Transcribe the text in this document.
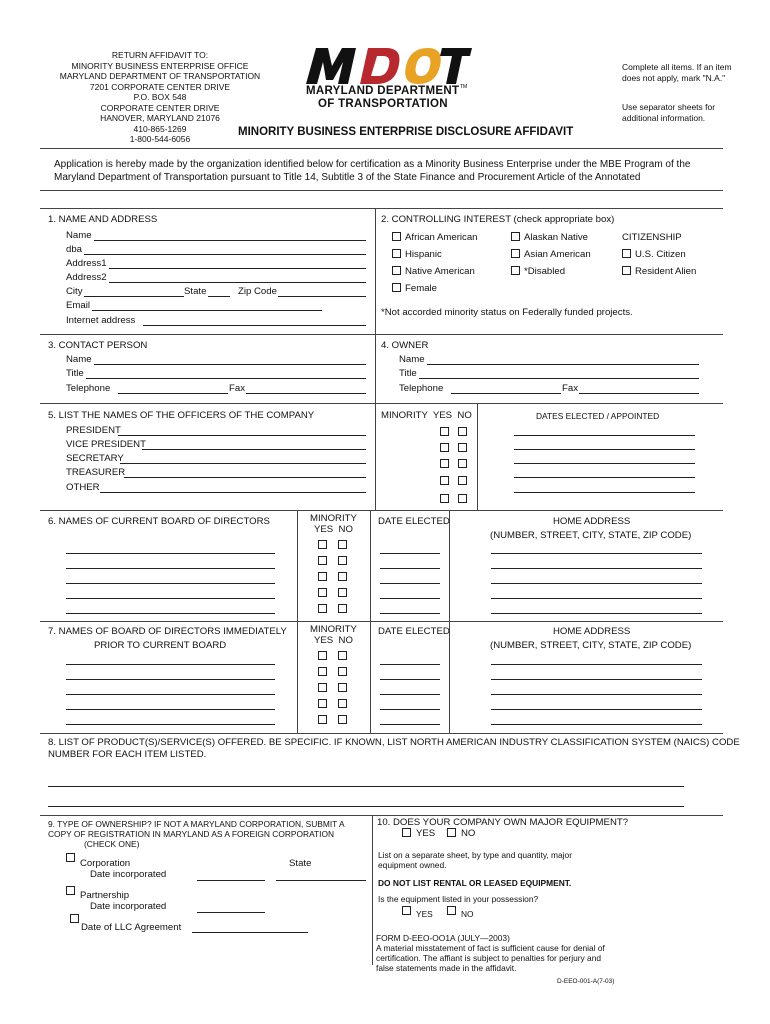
RETURN AFFIDAVIT TO:
MINORITY BUSINESS ENTERPRISE OFFICE
MARYLAND DEPARTMENT OF TRANSPORTATION
7201 CORPORATE CENTER DRIVE
P.O. BOX 548
CORPORATE CENTER DRIVE
HANOVER, MARYLAND 21076
410-865-1269
1-800-544-6056
TM
MARYLAND DEPARTMENT
OF TRANSPORTATION
Complete all items. If an item does not apply, mark "N.A."
Use separator sheets for additional information.
MINORITY BUSINESS ENTERPRISE DISCLOSURE AFFIDAVIT
Application is hereby made by the organization identified below for certification as a Minority Business Enterprise under the MBE Program of the Maryland Department of Transportation pursuant to Title 14, Subtitle 3 of the State Finance and Procurement Article of the Annotated
1. NAME AND ADDRESS
Name
dba
Address1
Address2
City	State	Zip Code
Email
Internet address
2. CONTROLLING INTEREST (check appropriate box)
African American
Hispanic
Native American
Female
Alaskan Native
Asian American
*Disabled
CITIZENSHIP
U.S. Citizen
Resident Alien
*Not accorded minority status on Federally funded projects.
3. CONTACT PERSON
Name
Title
Telephone	Fax
4. OWNER
Name
Title
Telephone	Fax
5. LIST THE NAMES OF THE OFFICERS OF THE COMPANY	MINORITY  YES  NO	DATES ELECTED / APPOINTED
PRESIDENT
VICE PRESIDENT
SECRETARY
TREASURER
OTHER
6. NAMES OF CURRENT BOARD OF DIRECTORS	MINORITY
YES  NO
DATE ELECTED	HOME ADDRESS
(NUMBER, STREET, CITY, STATE, ZIP CODE)
7. NAMES OF BOARD OF DIRECTORS IMMEDIATELY
PRIOR TO CURRENT BOARD
MINORITY
YES  NO
DATE ELECTED	HOME ADDRESS
(NUMBER, STREET, CITY, STATE, ZIP CODE)
8. LIST OF PRODUCT(S)/SERVICE(S) OFFERED. BE SPECIFIC. IF KNOWN, LIST NORTH AMERICAN INDUSTRY CLASSIFICATION SYSTEM (NAICS) CODE
NUMBER FOR EACH ITEM LISTED.
9. TYPE OF OWNERSHIP? IF NOT A MARYLAND CORPORATION, SUBMIT A
COPY OF REGISTRATION IN MARYLAND AS A FOREIGN CORPORATION
(CHECK ONE)
Corporation	State
Date incorporated
Partnership
Date incorporated
Date of LLC Agreement
10. DOES YOUR COMPANY OWN MAJOR EQUIPMENT?
YES	NO
List on a separate sheet, by type and quantity, major
equipment owned.
DO NOT LIST RENTAL OR LEASED EQUIPMENT.
Is the equipment listed in your possession?
YES	NO
FORM D-EEO-OO1A (JULY—2003)
A material misstatement of fact is sufficient cause for denial of
certification. The affiant is subject to penalties for perjury and
false statements made in the affidavit.
D-EEO-001-A(7-03)
